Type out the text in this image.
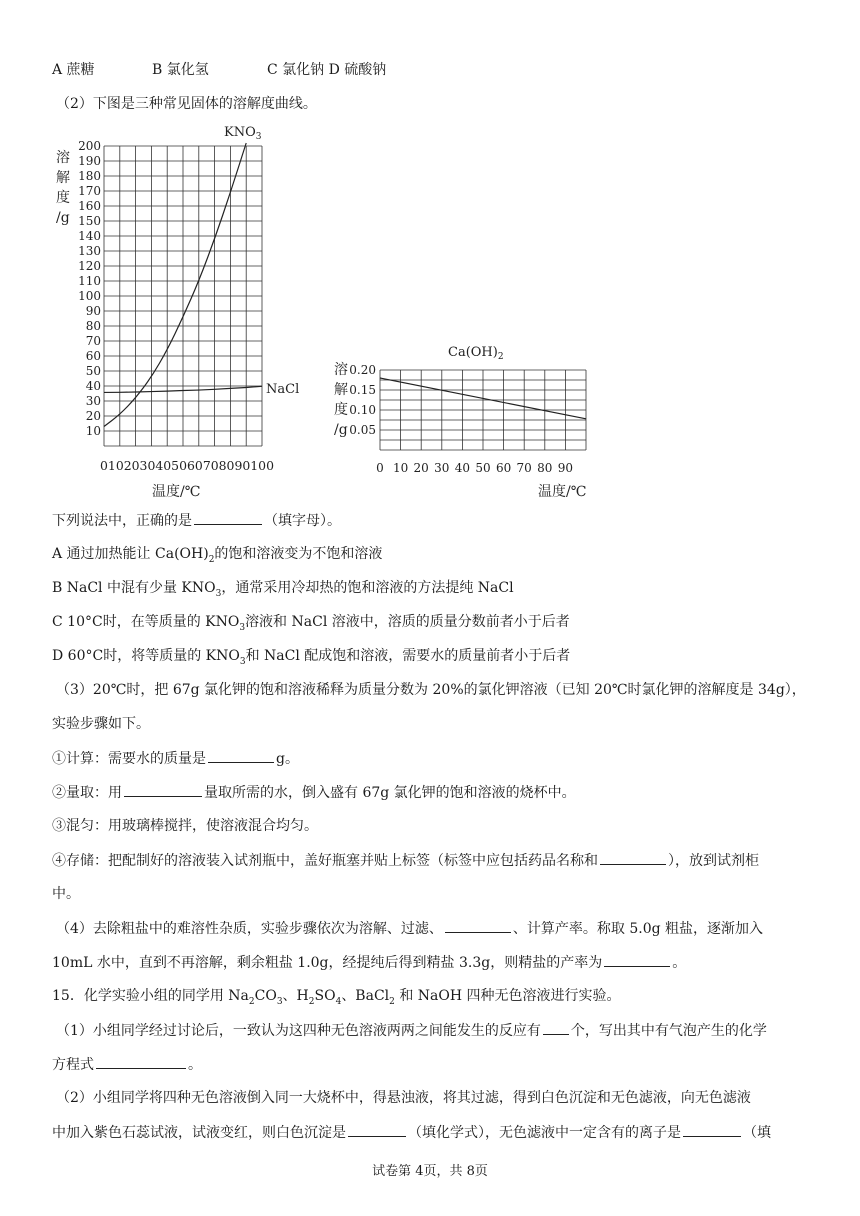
A 蔗糖	B 氯化氢	C 氯化钠 D 硫酸钠
（2）下图是三种常见固体的溶解度曲线。
10
20
30
40
50
60
70
80
90
100
110
120
130
140
150
160
170
180
190
200
溶
解
度
/g
0102030405060708090100
温度/℃
$KNO_3$
NaCl
0.20
0.15
0.10
0.05
溶
解
度
/g
0 10 20 30 40 50 60 70 80 90
温度/℃
$Ca(OH)_2$
下列说法中，正确的是	（填字母）。
A 通过加热能让 $Ca(OH)_2$的饱和溶液变为不饱和溶液
B NaCl 中混有少量 $KNO_3$，通常采用冷却热的饱和溶液的方法提纯 NaCl
C 10°C时，在等质量的 $KNO_3$溶液和 NaCl 溶液中，溶质的质量分数前者小于后者
D 60°C时，将等质量的 $KNO_3$和 NaCl 配成饱和溶液，需要水的质量前者小于后者
（3）20℃时，把 67g 氯化钾的饱和溶液稀释为质量分数为 20%的氯化钾溶液（已知 20℃时氯化钾的溶解度是 34g），
实验步骤如下。
①计算：需要水的质量是	g。
②量取：用	量取所需的水，倒入盛有 67g 氯化钾的饱和溶液的烧杯中。
③混匀：用玻璃棒搅拌，使溶液混合均匀。
④存储：把配制好的溶液装入试剂瓶中，盖好瓶塞并贴上标签（标签中应包括药品名称和	），放到试剂柜
中。
（4）去除粗盐中的难溶性杂质，实验步骤依次为溶解、过滤、	、计算产率。称取 5.0g 粗盐，逐渐加入
10mL 水中，直到不再溶解，剩余粗盐 1.0g，经提纯后得到精盐 3.3g，则精盐的产率为	。
15．化学实验小组的同学用 $Na_2CO_3$、$H_2SO_4$、BaCl$_2$ 和 NaOH 四种无色溶液进行实验。
（1）小组同学经过讨论后，一致认为这四种无色溶液两两之间能发生的反应有 个，写出其中有气泡产生的化学
方程式	。
（2）小组同学将四种无色溶液倒入同一大烧杯中，得悬浊液，将其过滤，得到白色沉淀和无色滤液，向无色滤液
中加入紫色石蕊试液，试液变红，则白色沉淀是	（填化学式），无色滤液中一定含有的离子是	（填
试卷第 4页，共 8页
